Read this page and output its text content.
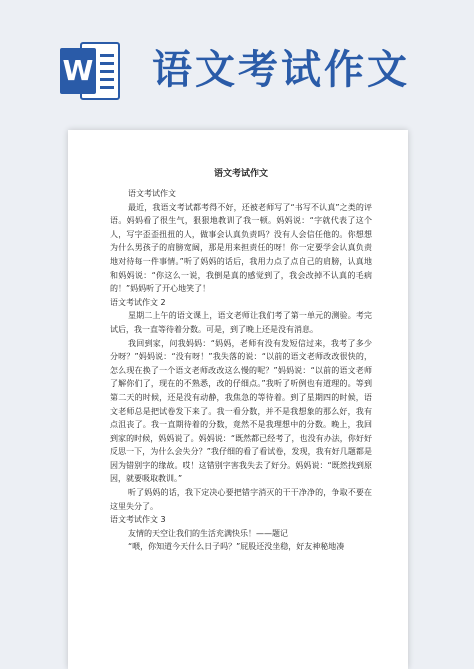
W 语文考试作文
语文考试作文

语文考试作文

最近，我语文考试都考得不好，还被老师写了“书写不认真”之类的评语。妈妈看了很生气，狠狠地教训了我一顿。妈妈说：“字就代表了这个人，写字歪歪扭扭的人，做事会认真负责吗？没有人会信任他的。你想想为什么男孩子的肩膀宽阔，那是用来担责任的呀！你一定要学会认真负责地对待每一件事情。”听了妈妈的话后，我用力点了点自己的肩膀，认真地和妈妈说：“你这么一说，我倒是真的感觉到了，我会改掉不认真的毛病的！”妈妈听了开心地笑了！

语文考试作文 2

星期二上午的语文课上，语文老师让我们考了第一单元的测验。考完试后，我一直等待着分数。可是，到了晚上还是没有消息。

我回到家，问我妈妈：“妈妈，老师有没有发短信过来，我考了多少分呀？”妈妈说：“没有呀！”我失落的说：“以前的语文老师改改很快的，怎么现在换了一个语文老师改改这么慢的呢？”妈妈说：“以前的语文老师了解你们了，现在的不熟悉，改的仔细点。”我听了听例也有道理的。等到第二天的时候，还是没有动静，我焦急的等待着。到了星期四的时候，语文老师总是把试卷发下来了。我一看分数，并不是我想象的那么好，我有点沮丧了。我一直期待着的分数，竟然不是我理想中的分数。晚上，我回到家的时候，妈妈说了。妈妈说：“既然都已经考了，也没有办法，你好好反思一下，为什么会失分？”我仔细的看了看试卷，发现，我有好几题都是因为错别字的缘故。哎！这错别字害我失去了好分。妈妈说：“既然找到原因，就要吸取教训。”

听了妈妈的话，我下定决心要把错字消灭的干干净净的，争取不要在这里失分了。

语文考试作文 3

友情的天空让我们的生活充满快乐！——题记

“喂，你知道今天什么日子吗？”屁股还没坐稳，好友神秘地凑
